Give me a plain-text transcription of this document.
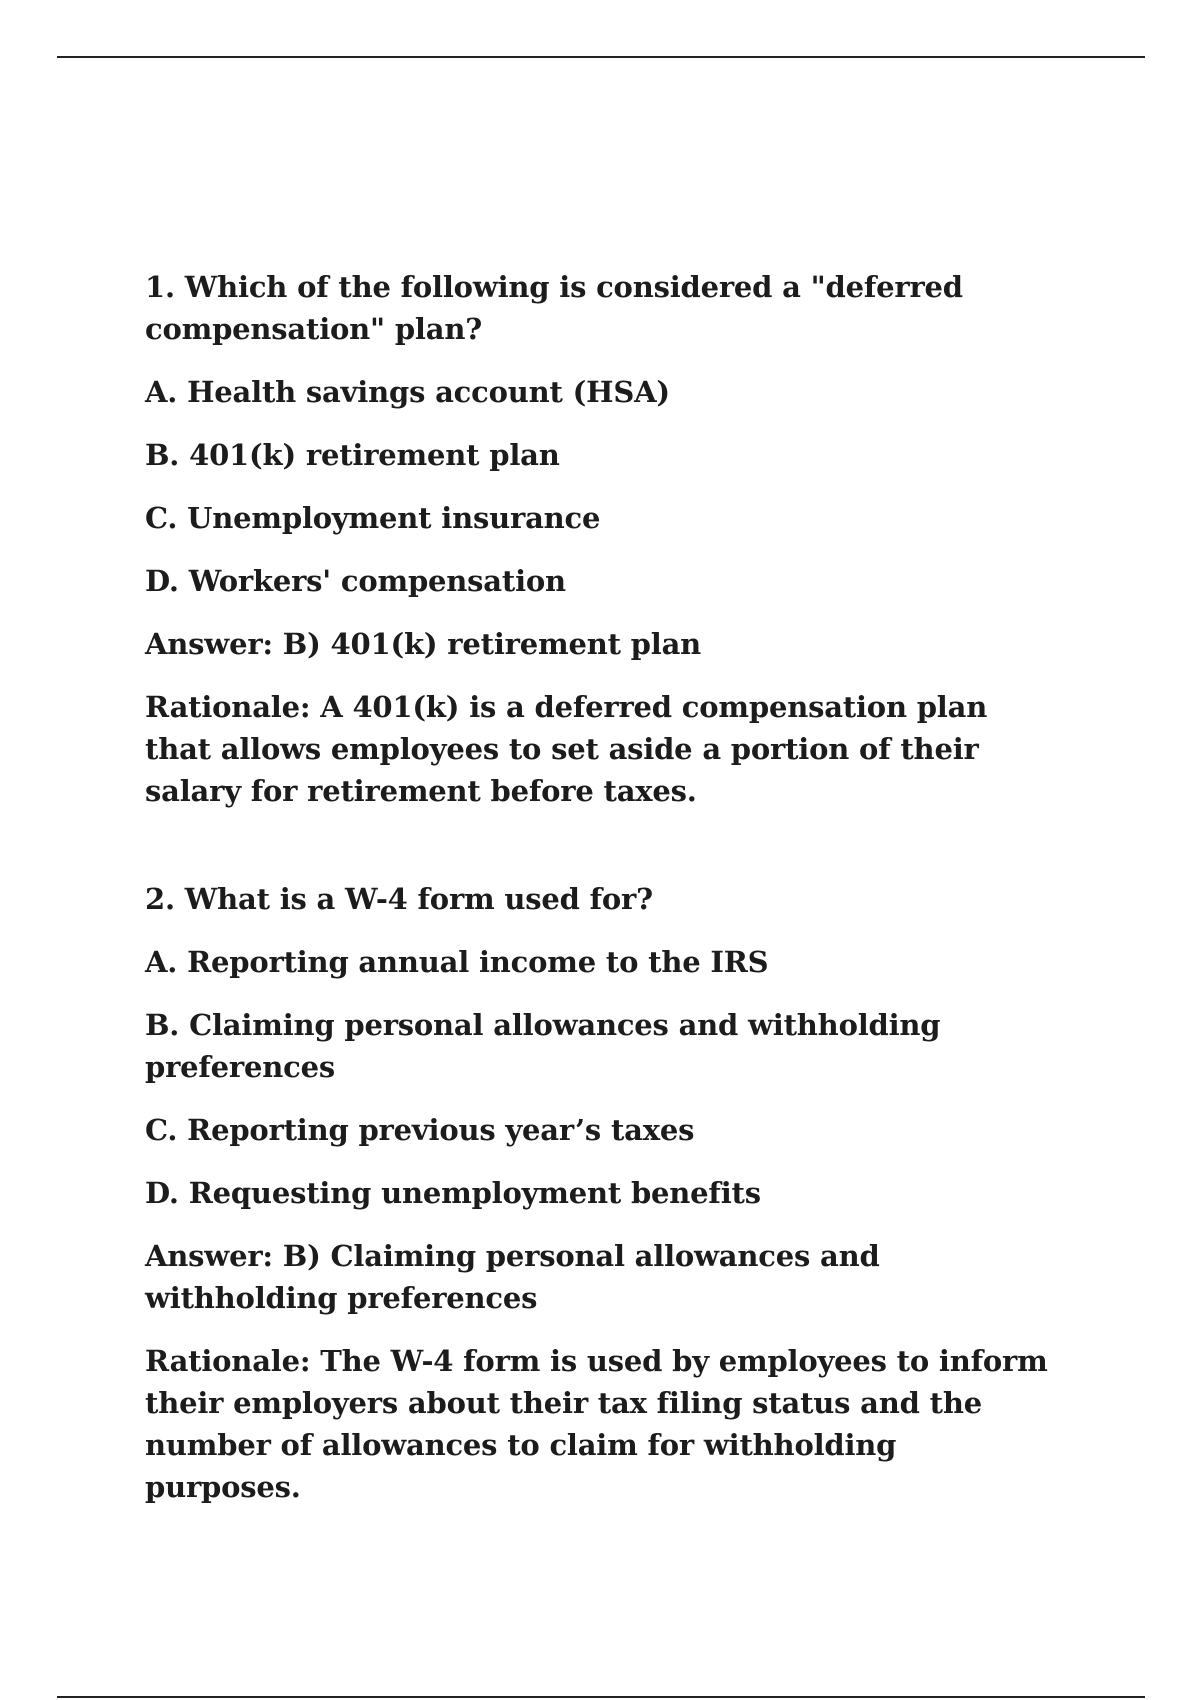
1. Which of the following is considered a "deferred compensation" plan?

A. Health savings account (HSA)
B. 401(k) retirement plan
C. Unemployment insurance
D. Workers' compensation

Answer: B) 401(k) retirement plan

Rationale: A 401(k) is a deferred compensation plan that allows employees to set aside a portion of their salary for retirement before taxes.

2. What is a W-4 form used for?

A. Reporting annual income to the IRS
B. Claiming personal allowances and withholding preferences
C. Reporting previous year’s taxes
D. Requesting unemployment benefits

Answer: B) Claiming personal allowances and withholding preferences

Rationale: The W-4 form is used by employees to inform their employers about their tax filing status and the number of allowances to claim for withholding purposes.
